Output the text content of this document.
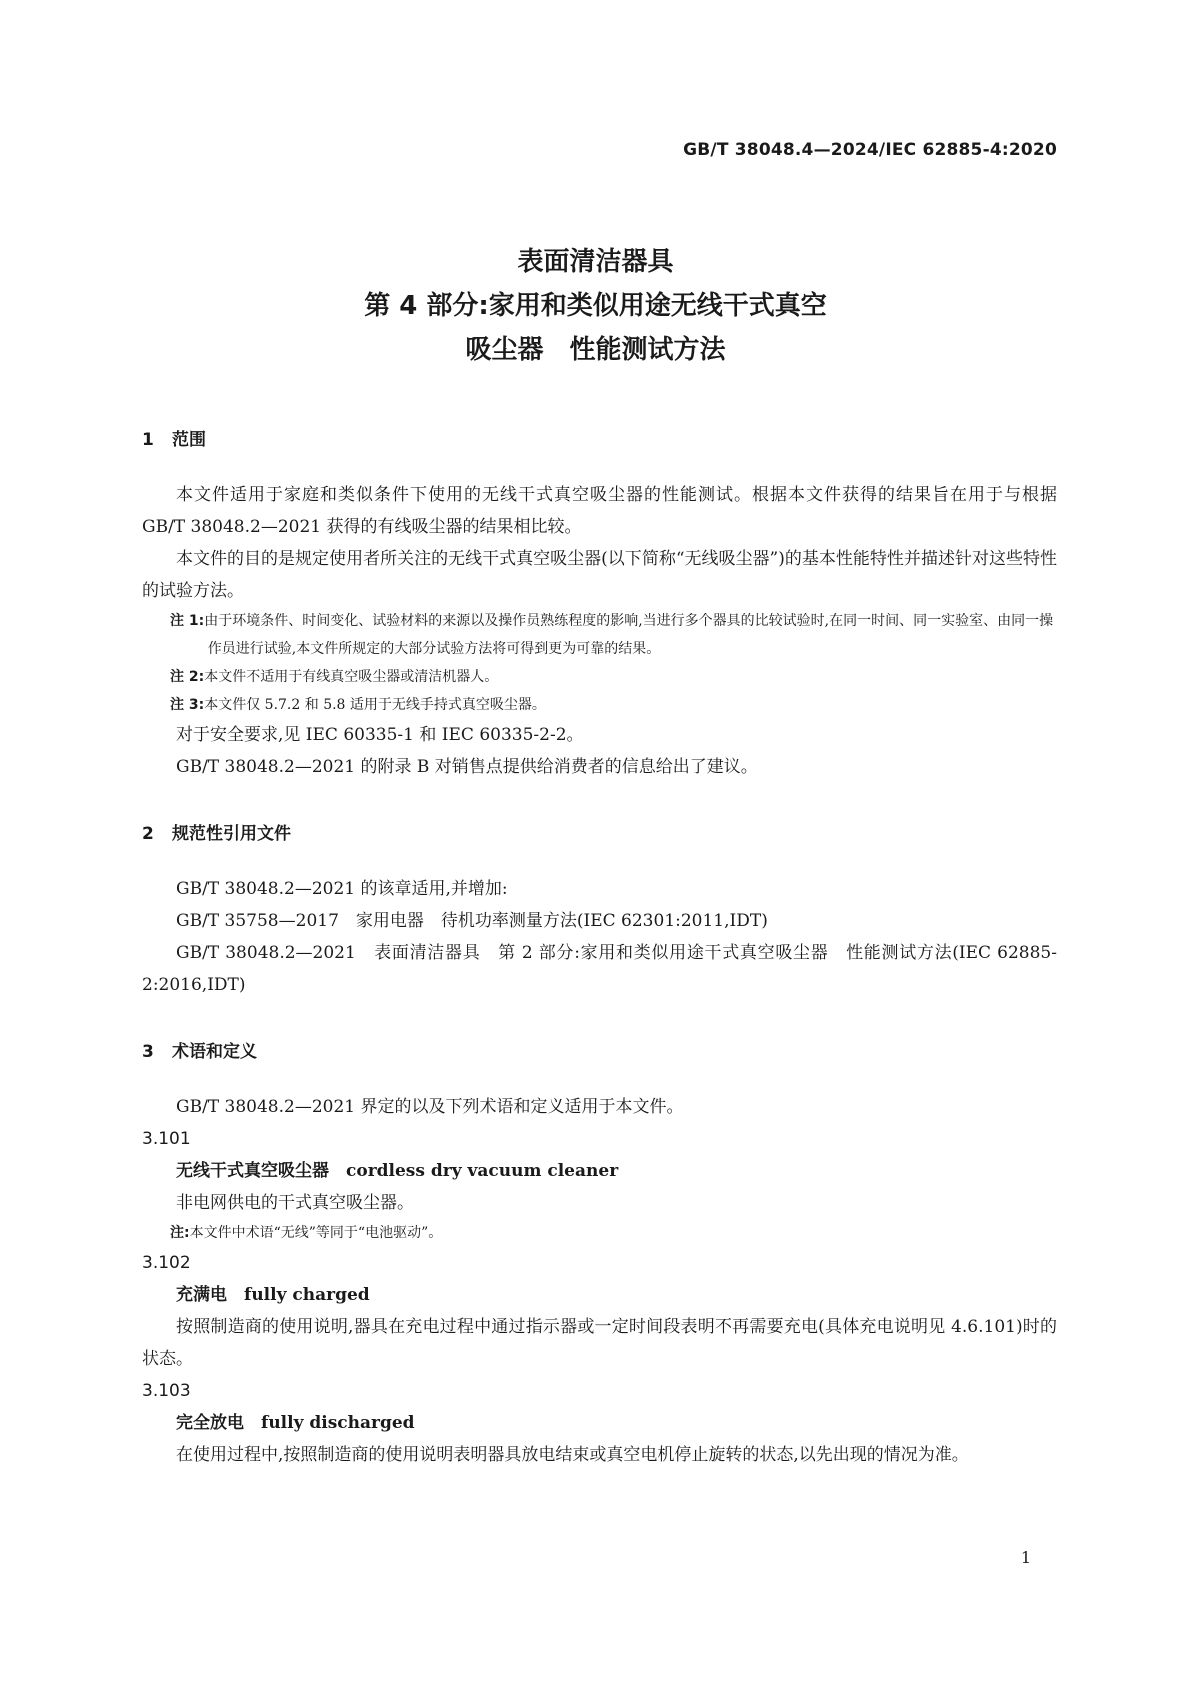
GB/T 38048.4—2024/IEC 62885-4:2020
表面清洁器具
第 4 部分:家用和类似用途无线干式真空
吸尘器　性能测试方法
1 范围
本文件适用于家庭和类似条件下使用的无线干式真空吸尘器的性能测试。根据本文件获得的结果旨在用于与根据 GB/T 38048.2—2021 获得的有线吸尘器的结果相比较。
本文件的目的是规定使用者所关注的无线干式真空吸尘器(以下简称“无线吸尘器”)的基本性能特性并描述针对这些特性的试验方法。
注 1:由于环境条件、时间变化、试验材料的来源以及操作员熟练程度的影响,当进行多个器具的比较试验时,在同一时间、同一实验室、由同一操作员进行试验,本文件所规定的大部分试验方法将可得到更为可靠的结果。
注 2:本文件不适用于有线真空吸尘器或清洁机器人。
注 3:本文件仅 5.7.2 和 5.8 适用于无线手持式真空吸尘器。
对于安全要求,见 IEC 60335-1 和 IEC 60335-2-2。
GB/T 38048.2—2021 的附录 B 对销售点提供给消费者的信息给出了建议。
2 规范性引用文件
GB/T 38048.2—2021 的该章适用,并增加:
GB/T 35758—2017　家用电器　待机功率测量方法(IEC 62301:2011,IDT)
GB/T 38048.2—2021　表面清洁器具　第 2 部分:家用和类似用途干式真空吸尘器　性能测试方法(IEC 62885-2:2016,IDT)
3 术语和定义
GB/T 38048.2—2021 界定的以及下列术语和定义适用于本文件。
3.101
无线干式真空吸尘器 cordless dry vacuum cleaner
非电网供电的干式真空吸尘器。
注:本文件中术语“无线”等同于“电池驱动”。
3.102
充满电 fully charged
按照制造商的使用说明,器具在充电过程中通过指示器或一定时间段表明不再需要充电(具体充电说明见 4.6.101)时的状态。
3.103
完全放电 fully discharged
在使用过程中,按照制造商的使用说明表明器具放电结束或真空电机停止旋转的状态,以先出现的情况为准。
1
